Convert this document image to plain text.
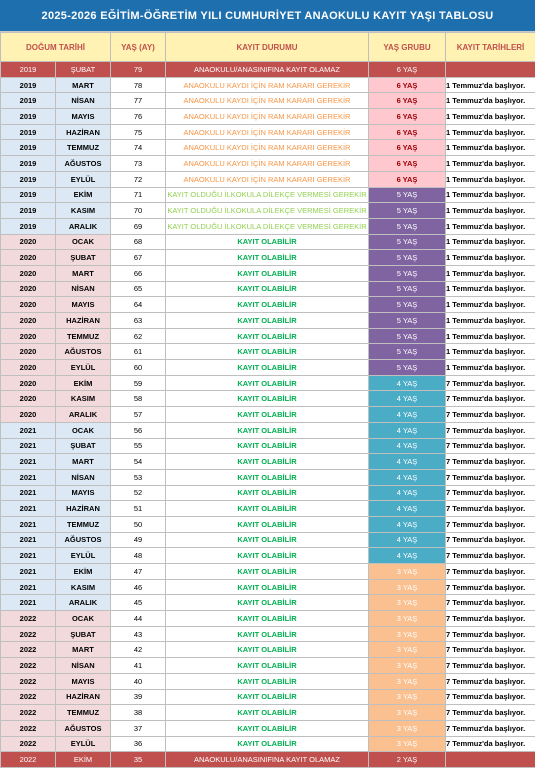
2025-2026 EĞİTİM-ÖĞRETİM YILI CUMHURİYET ANAOKULU KAYIT YAŞI TABLOSU
DOĞUM TARİHİ		YAŞ (AY)	KAYIT DURUMU	YAŞ GRUBU	KAYIT TARİHLERİ
2019	ŞUBAT	79	ANAOKULU/ANASINIFINA KAYIT OLAMAZ	6 YAŞ	
2019	MART	78	ANAOKULU KAYDI İÇİN RAM KARARI GEREKİR	6 YAŞ	1 Temmuz'da başlıyor.
2019	NİSAN	77	ANAOKULU KAYDI İÇİN RAM KARARI GEREKİR	6 YAŞ	1 Temmuz'da başlıyor.
2019	MAYIS	76	ANAOKULU KAYDI İÇİN RAM KARARI GEREKİR	6 YAŞ	1 Temmuz'da başlıyor.
2019	HAZİRAN	75	ANAOKULU KAYDI İÇİN RAM KARARI GEREKİR	6 YAŞ	1 Temmuz'da başlıyor.
2019	TEMMUZ	74	ANAOKULU KAYDI İÇİN RAM KARARI GEREKİR	6 YAŞ	1 Temmuz'da başlıyor.
2019	AĞUSTOS	73	ANAOKULU KAYDI İÇİN RAM KARARI GEREKİR	6 YAŞ	1 Temmuz'da başlıyor.
2019	EYLÜL	72	ANAOKULU KAYDI İÇİN RAM KARARI GEREKİR	6 YAŞ	1 Temmuz'da başlıyor.
2019	EKİM	71	KAYIT OLDUĞU İLKOKULA DİLEKÇE VERMESİ GEREKİR	5 YAŞ	1 Temmuz'da başlıyor.
2019	KASIM	70	KAYIT OLDUĞU İLKOKULA DİLEKÇE VERMESİ GEREKİR	5 YAŞ	1 Temmuz'da başlıyor.
2019	ARALIK	69	KAYIT OLDUĞU İLKOKULA DİLEKÇE VERMESİ GEREKİR	5 YAŞ	1 Temmuz'da başlıyor.
2020	OCAK	68	KAYIT OLABİLİR	5 YAŞ	1 Temmuz'da başlıyor.
2020	ŞUBAT	67	KAYIT OLABİLİR	5 YAŞ	1 Temmuz'da başlıyor.
2020	MART	66	KAYIT OLABİLİR	5 YAŞ	1 Temmuz'da başlıyor.
2020	NİSAN	65	KAYIT OLABİLİR	5 YAŞ	1 Temmuz'da başlıyor.
2020	MAYIS	64	KAYIT OLABİLİR	5 YAŞ	1 Temmuz'da başlıyor.
2020	HAZİRAN	63	KAYIT OLABİLİR	5 YAŞ	1 Temmuz'da başlıyor.
2020	TEMMUZ	62	KAYIT OLABİLİR	5 YAŞ	1 Temmuz'da başlıyor.
2020	AĞUSTOS	61	KAYIT OLABİLİR	5 YAŞ	1 Temmuz'da başlıyor.
2020	EYLÜL	60	KAYIT OLABİLİR	5 YAŞ	1 Temmuz'da başlıyor.
2020	EKİM	59	KAYIT OLABİLİR	4 YAŞ	7 Temmuz'da başlıyor.
2020	KASIM	58	KAYIT OLABİLİR	4 YAŞ	7 Temmuz'da başlıyor.
2020	ARALIK	57	KAYIT OLABİLİR	4 YAŞ	7 Temmuz'da başlıyor.
2021	OCAK	56	KAYIT OLABİLİR	4 YAŞ	7 Temmuz'da başlıyor.
2021	ŞUBAT	55	KAYIT OLABİLİR	4 YAŞ	7 Temmuz'da başlıyor.
2021	MART	54	KAYIT OLABİLİR	4 YAŞ	7 Temmuz'da başlıyor.
2021	NİSAN	53	KAYIT OLABİLİR	4 YAŞ	7 Temmuz'da başlıyor.
2021	MAYIS	52	KAYIT OLABİLİR	4 YAŞ	7 Temmuz'da başlıyor.
2021	HAZİRAN	51	KAYIT OLABİLİR	4 YAŞ	7 Temmuz'da başlıyor.
2021	TEMMUZ	50	KAYIT OLABİLİR	4 YAŞ	7 Temmuz'da başlıyor.
2021	AĞUSTOS	49	KAYIT OLABİLİR	4 YAŞ	7 Temmuz'da başlıyor.
2021	EYLÜL	48	KAYIT OLABİLİR	4 YAŞ	7 Temmuz'da başlıyor.
2021	EKİM	47	KAYIT OLABİLİR	3 YAŞ	7 Temmuz'da başlıyor.
2021	KASIM	46	KAYIT OLABİLİR	3 YAŞ	7 Temmuz'da başlıyor.
2021	ARALIK	45	KAYIT OLABİLİR	3 YAŞ	7 Temmuz'da başlıyor.
2022	OCAK	44	KAYIT OLABİLİR	3 YAŞ	7 Temmuz'da başlıyor.
2022	ŞUBAT	43	KAYIT OLABİLİR	3 YAŞ	7 Temmuz'da başlıyor.
2022	MART	42	KAYIT OLABİLİR	3 YAŞ	7 Temmuz'da başlıyor.
2022	NİSAN	41	KAYIT OLABİLİR	3 YAŞ	7 Temmuz'da başlıyor.
2022	MAYIS	40	KAYIT OLABİLİR	3 YAŞ	7 Temmuz'da başlıyor.
2022	HAZİRAN	39	KAYIT OLABİLİR	3 YAŞ	7 Temmuz'da başlıyor.
2022	TEMMUZ	38	KAYIT OLABİLİR	3 YAŞ	7 Temmuz'da başlıyor.
2022	AĞUSTOS	37	KAYIT OLABİLİR	3 YAŞ	7 Temmuz'da başlıyor.
2022	EYLÜL	36	KAYIT OLABİLİR	3 YAŞ	7 Temmuz'da başlıyor.
2022	EKİM	35	ANAOKULU/ANASINIFINA KAYIT OLAMAZ	2 YAŞ	
